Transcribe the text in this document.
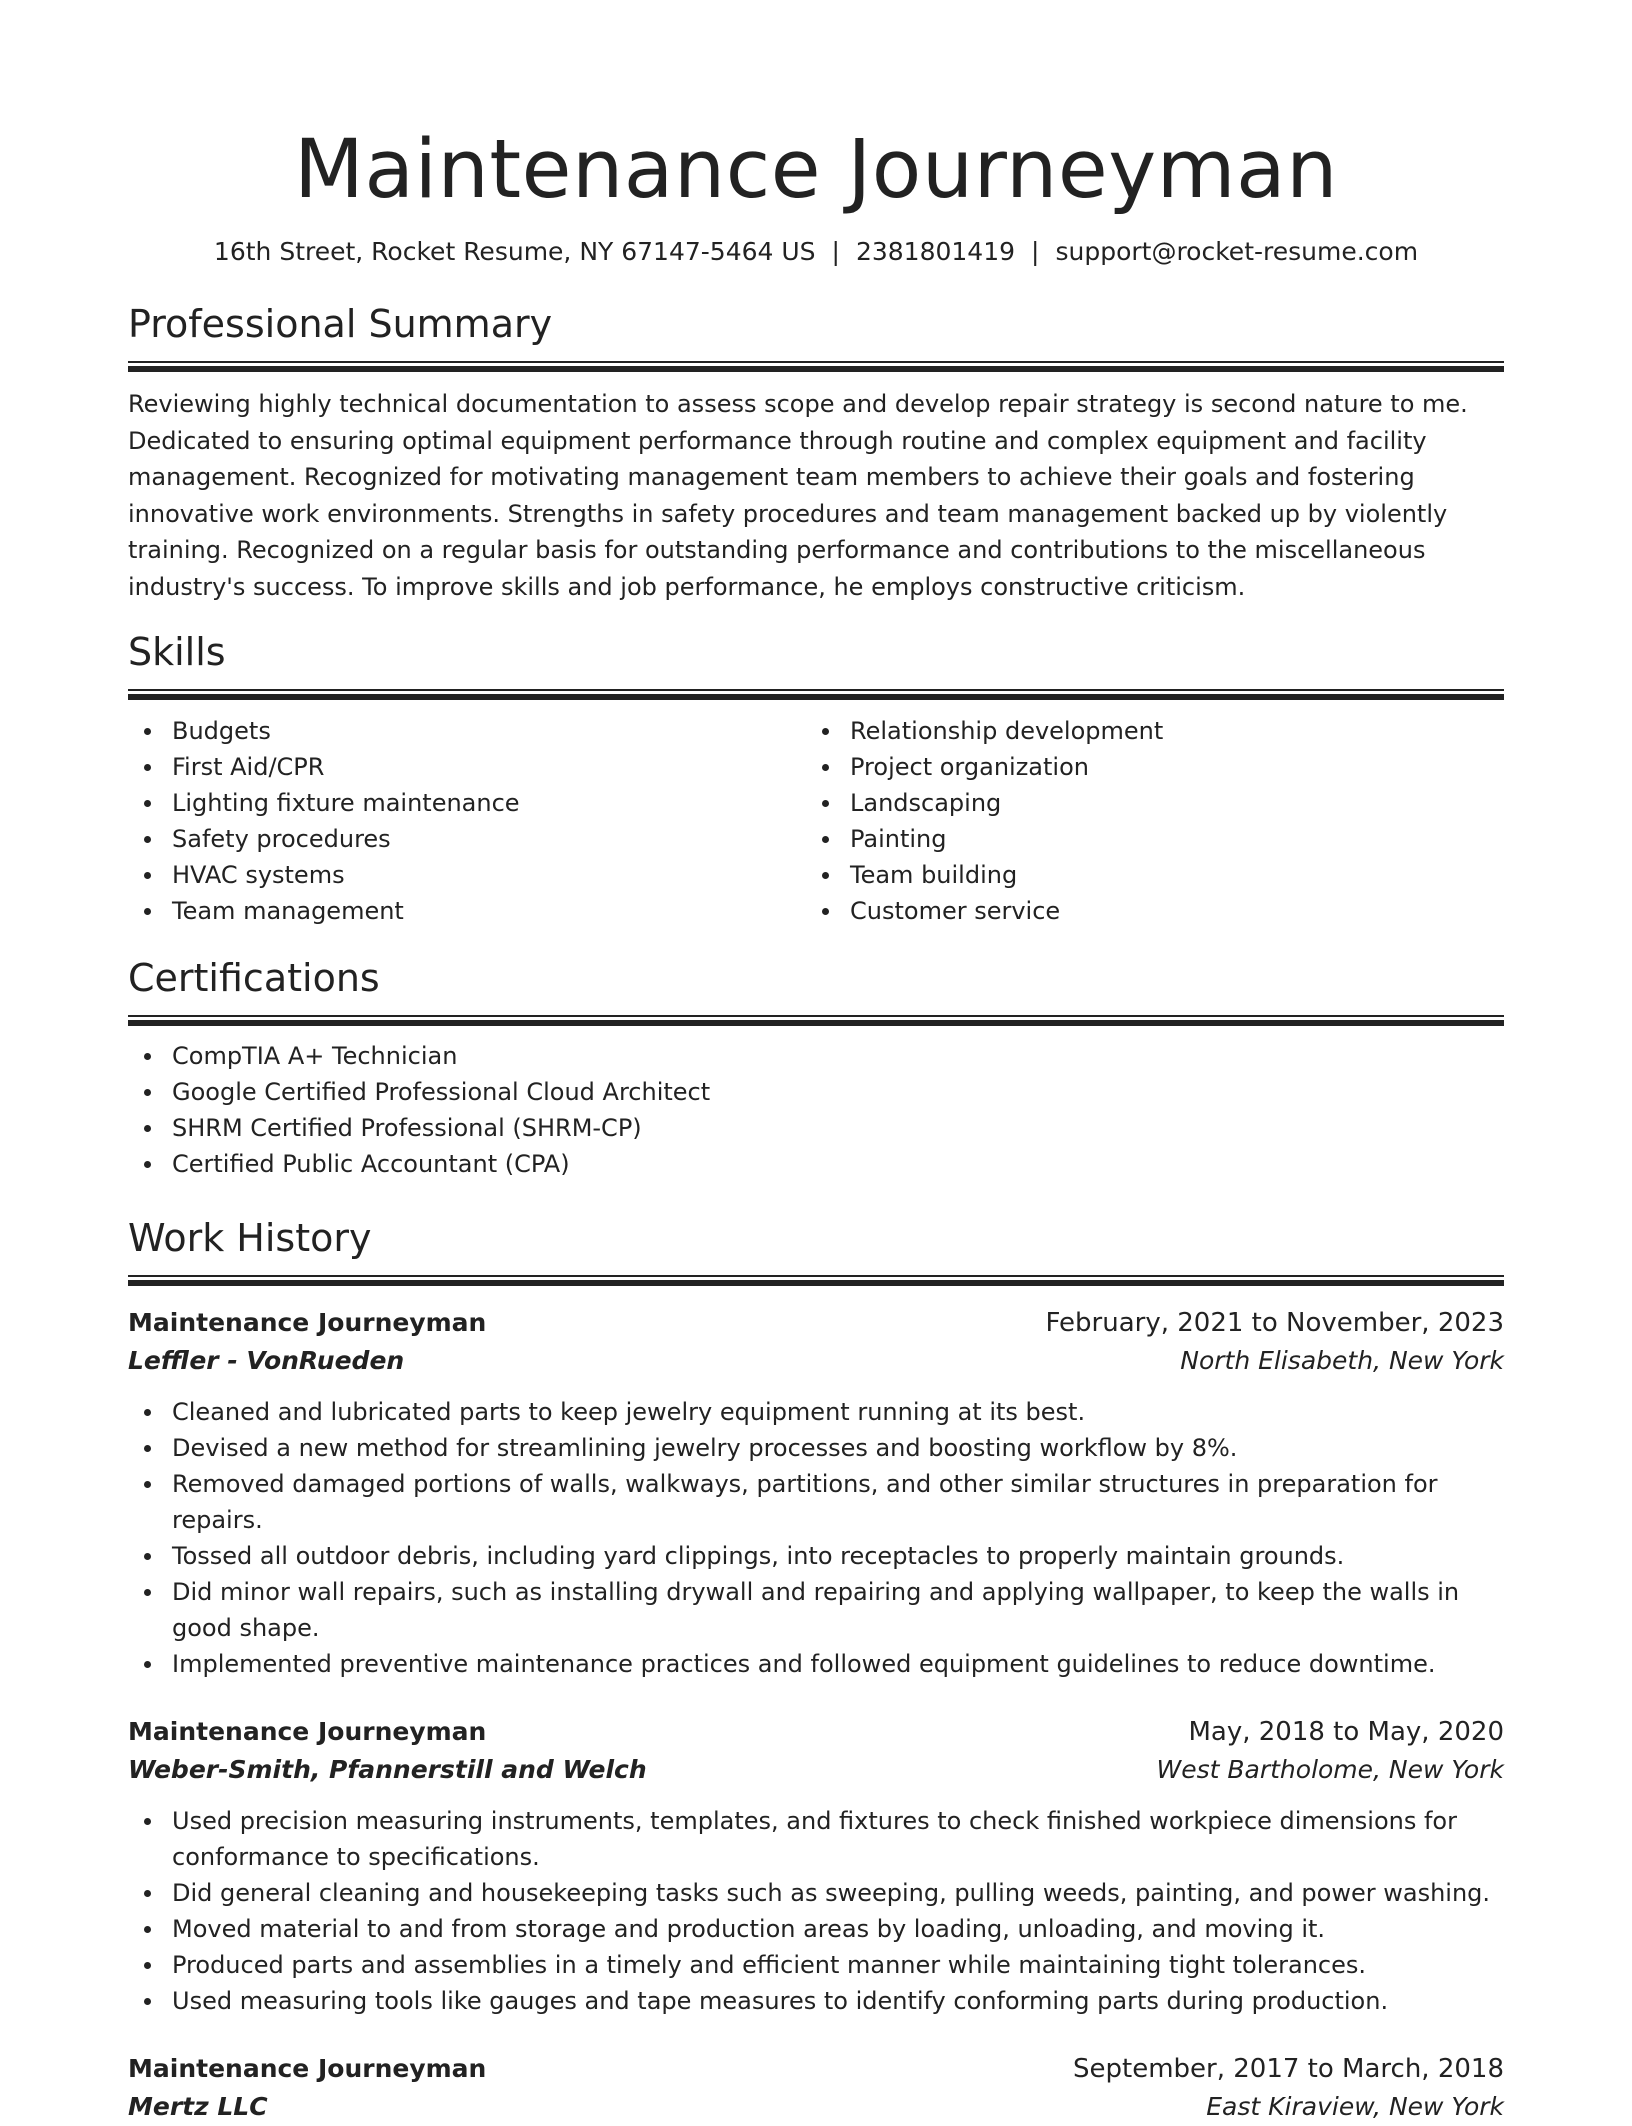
Maintenance Journeyman
16th Street, Rocket Resume, NY 67147-5464 US | 2381801419 | support@rocket-resume.com
Professional Summary
Reviewing highly technical documentation to assess scope and develop repair strategy is second nature to me. Dedicated to ensuring optimal equipment performance through routine and complex equipment and facility management. Recognized for motivating management team members to achieve their goals and fostering innovative work environments. Strengths in safety procedures and team management backed up by violently training. Recognized on a regular basis for outstanding performance and contributions to the miscellaneous industry's success. To improve skills and job performance, he employs constructive criticism.
Skills
Budgets
First Aid/CPR
Lighting fixture maintenance
Safety procedures
HVAC systems
Team management
Relationship development
Project organization
Landscaping
Painting
Team building
Customer service
Certifications
CompTIA A+ Technician
Google Certified Professional Cloud Architect
SHRM Certified Professional (SHRM-CP)
Certified Public Accountant (CPA)
Work History
Maintenance Journeyman	February, 2021 to November, 2023
Leffler - VonRueden	North Elisabeth, New York
Cleaned and lubricated parts to keep jewelry equipment running at its best.
Devised a new method for streamlining jewelry processes and boosting workflow by 8%.
Removed damaged portions of walls, walkways, partitions, and other similar structures in preparation for repairs.
Tossed all outdoor debris, including yard clippings, into receptacles to properly maintain grounds.
Did minor wall repairs, such as installing drywall and repairing and applying wallpaper, to keep the walls in good shape.
Implemented preventive maintenance practices and followed equipment guidelines to reduce downtime.
Maintenance Journeyman	May, 2018 to May, 2020
Weber-Smith, Pfannerstill and Welch	West Bartholome, New York
Used precision measuring instruments, templates, and fixtures to check finished workpiece dimensions for conformance to specifications.
Did general cleaning and housekeeping tasks such as sweeping, pulling weeds, painting, and power washing.
Moved material to and from storage and production areas by loading, unloading, and moving it.
Produced parts and assemblies in a timely and efficient manner while maintaining tight tolerances.
Used measuring tools like gauges and tape measures to identify conforming parts during production.
Maintenance Journeyman	September, 2017 to March, 2018
Mertz LLC	East Kiraview, New York
